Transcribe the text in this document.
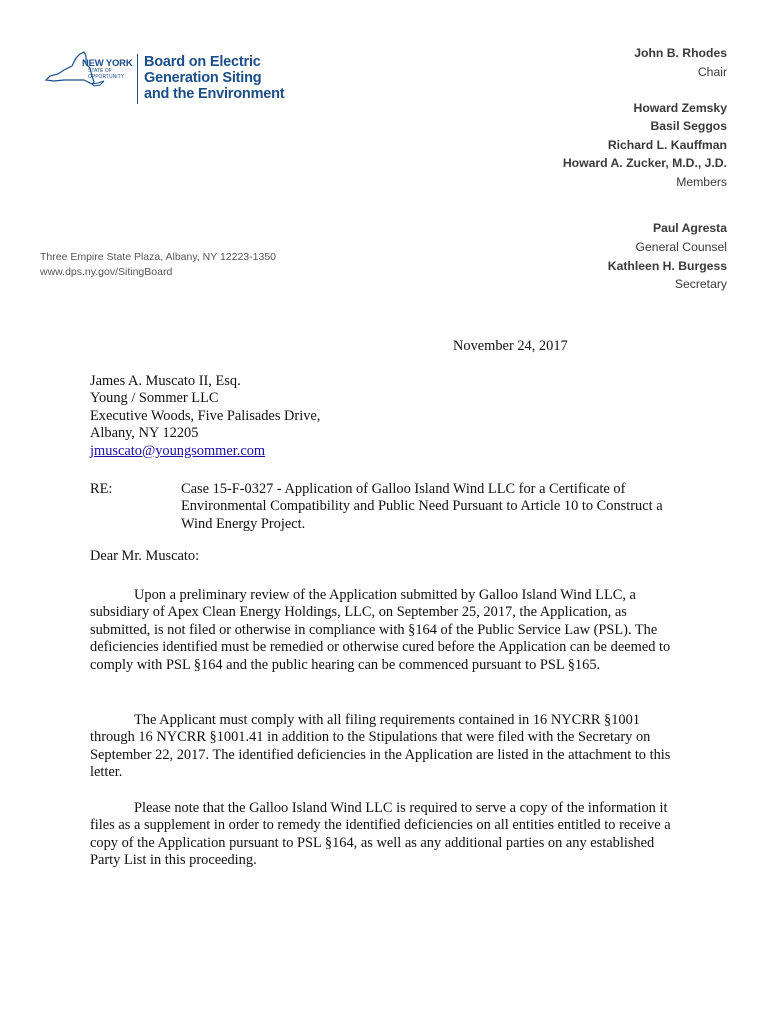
NEW YORK
STATE OF
OPPORTUNITY
Board on Electric
Generation Siting
and the Environment
John B. Rhodes
Chair
Howard Zemsky
Basil Seggos
Richard L. Kauffman
Howard A. Zucker, M.D., J.D.
Members
Paul Agresta
General Counsel
Kathleen H. Burgess
Secretary
Three Empire State Plaza, Albany, NY 12223-1350
www.dps.ny.gov/SitingBoard
November 24, 2017
James A. Muscato II, Esq.
Young / Sommer LLC
Executive Woods, Five Palisades Drive,
Albany, NY 12205
jmuscato@youngsommer.com
RE:	Case 15-F-0327 - Application of Galloo Island Wind LLC for a Certificate of Environmental Compatibility and Public Need Pursuant to Article 10 to Construct a Wind Energy Project.
Dear Mr. Muscato:
Upon a preliminary review of the Application submitted by Galloo Island Wind LLC, a subsidiary of Apex Clean Energy Holdings, LLC, on September 25, 2017, the Application, as submitted, is not filed or otherwise in compliance with §164 of the Public Service Law (PSL). The deficiencies identified must be remedied or otherwise cured before the Application can be deemed to comply with PSL §164 and the public hearing can be commenced pursuant to PSL §165.
The Applicant must comply with all filing requirements contained in 16 NYCRR §1001 through 16 NYCRR §1001.41 in addition to the Stipulations that were filed with the Secretary on September 22, 2017. The identified deficiencies in the Application are listed in the attachment to this letter.
Please note that the Galloo Island Wind LLC is required to serve a copy of the information it files as a supplement in order to remedy the identified deficiencies on all entities entitled to receive a copy of the Application pursuant to PSL §164, as well as any additional parties on any established Party List in this proceeding.
